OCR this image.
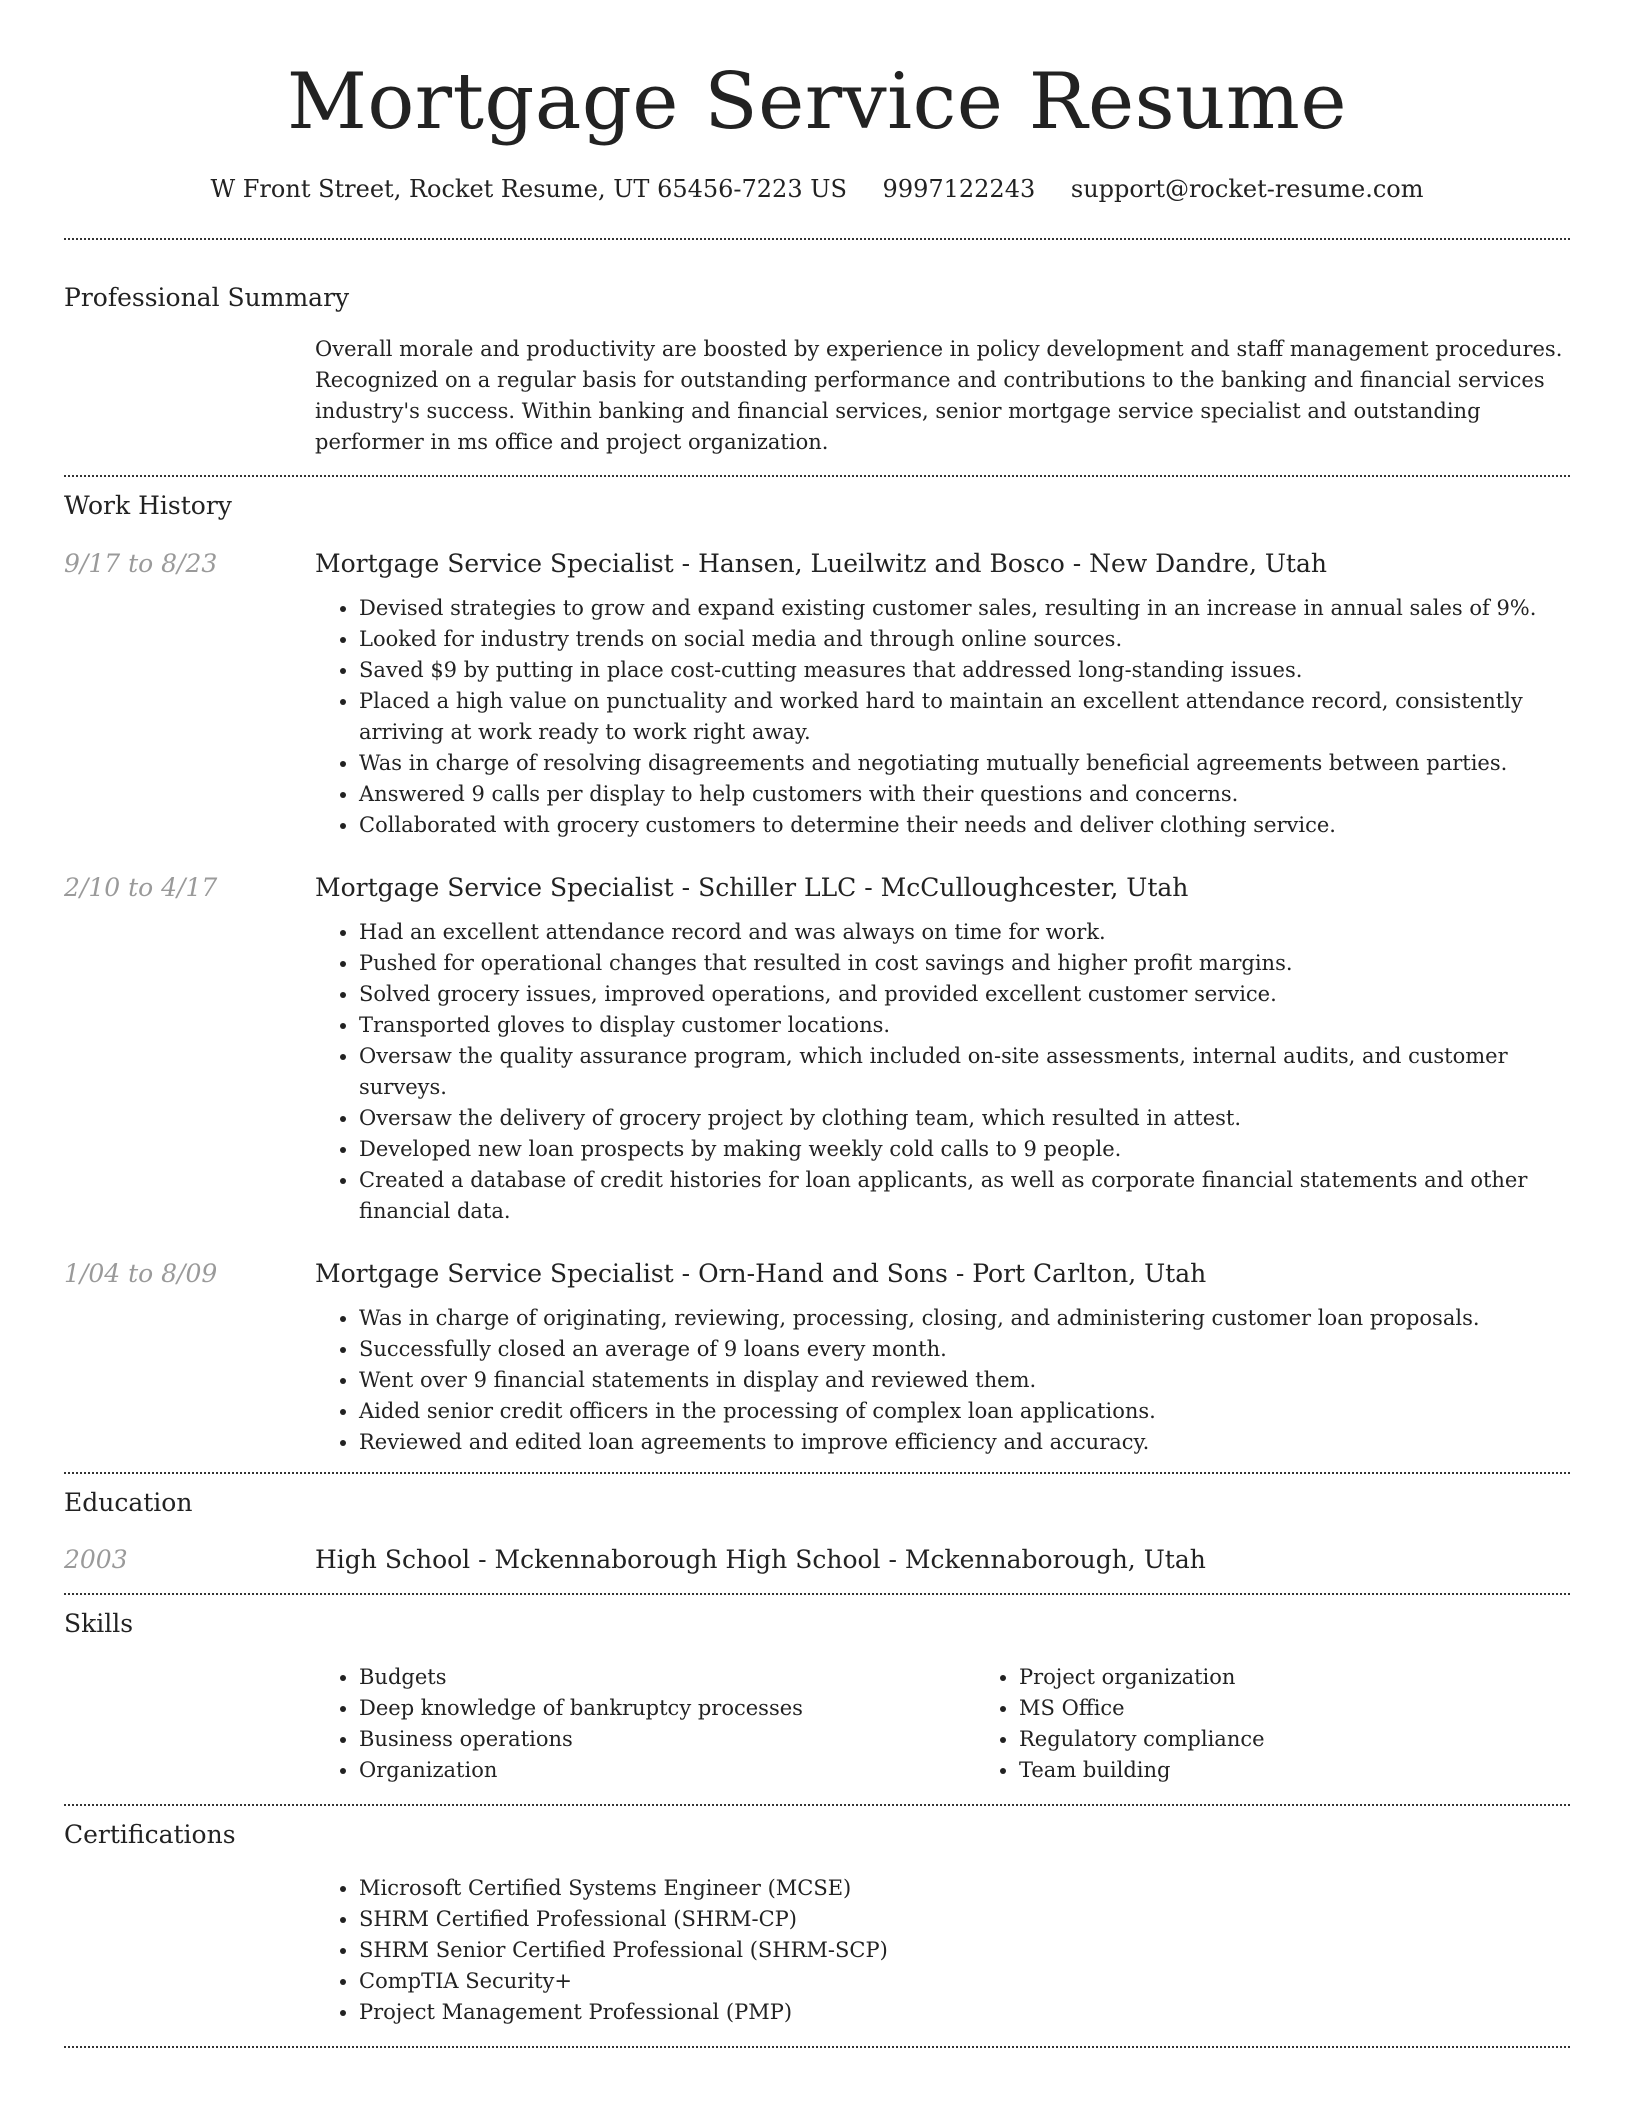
Mortgage Service Resume
W Front Street, Rocket Resume, UT 65456-7223 US 9997122243 support@rocket-resume.com
Professional Summary

Overall morale and productivity are boosted by experience in policy development and staff management procedures. Recognized on a regular basis for outstanding performance and contributions to the banking and financial services industry's success. Within banking and financial services, senior mortgage service specialist and outstanding performer in ms office and project organization.

Work History
9/17 to 8/23	Mortgage Service Specialist - Hansen, Lueilwitz and Bosco - New Dandre, Utah
• Devised strategies to grow and expand existing customer sales, resulting in an increase in annual sales of 9%.
• Looked for industry trends on social media and through online sources.
• Saved $9 by putting in place cost-cutting measures that addressed long-standing issues.
• Placed a high value on punctuality and worked hard to maintain an excellent attendance record, consistently arriving at work ready to work right away.
• Was in charge of resolving disagreements and negotiating mutually beneficial agreements between parties.
• Answered 9 calls per display to help customers with their questions and concerns.
• Collaborated with grocery customers to determine their needs and deliver clothing service.
2/10 to 4/17	Mortgage Service Specialist - Schiller LLC - McCulloughcester, Utah
• Had an excellent attendance record and was always on time for work.
• Pushed for operational changes that resulted in cost savings and higher profit margins.
• Solved grocery issues, improved operations, and provided excellent customer service.
• Transported gloves to display customer locations.
• Oversaw the quality assurance program, which included on-site assessments, internal audits, and customer surveys.
• Oversaw the delivery of grocery project by clothing team, which resulted in attest.
• Developed new loan prospects by making weekly cold calls to 9 people.
• Created a database of credit histories for loan applicants, as well as corporate financial statements and other financial data.
1/04 to 8/09	Mortgage Service Specialist - Orn-Hand and Sons - Port Carlton, Utah
• Was in charge of originating, reviewing, processing, closing, and administering customer loan proposals.
• Successfully closed an average of 9 loans every month.
• Went over 9 financial statements in display and reviewed them.
• Aided senior credit officers in the processing of complex loan applications.
• Reviewed and edited loan agreements to improve efficiency and accuracy.
Education
2003	High School - Mckennaborough High School - Mckennaborough, Utah
Skills
• Budgets
• Deep knowledge of bankruptcy processes
• Business operations
• Organization
• Project organization
• MS Office
• Regulatory compliance
• Team building
Certifications
• Microsoft Certified Systems Engineer (MCSE)
• SHRM Certified Professional (SHRM-CP)
• SHRM Senior Certified Professional (SHRM-SCP)
• CompTIA Security+
• Project Management Professional (PMP)
